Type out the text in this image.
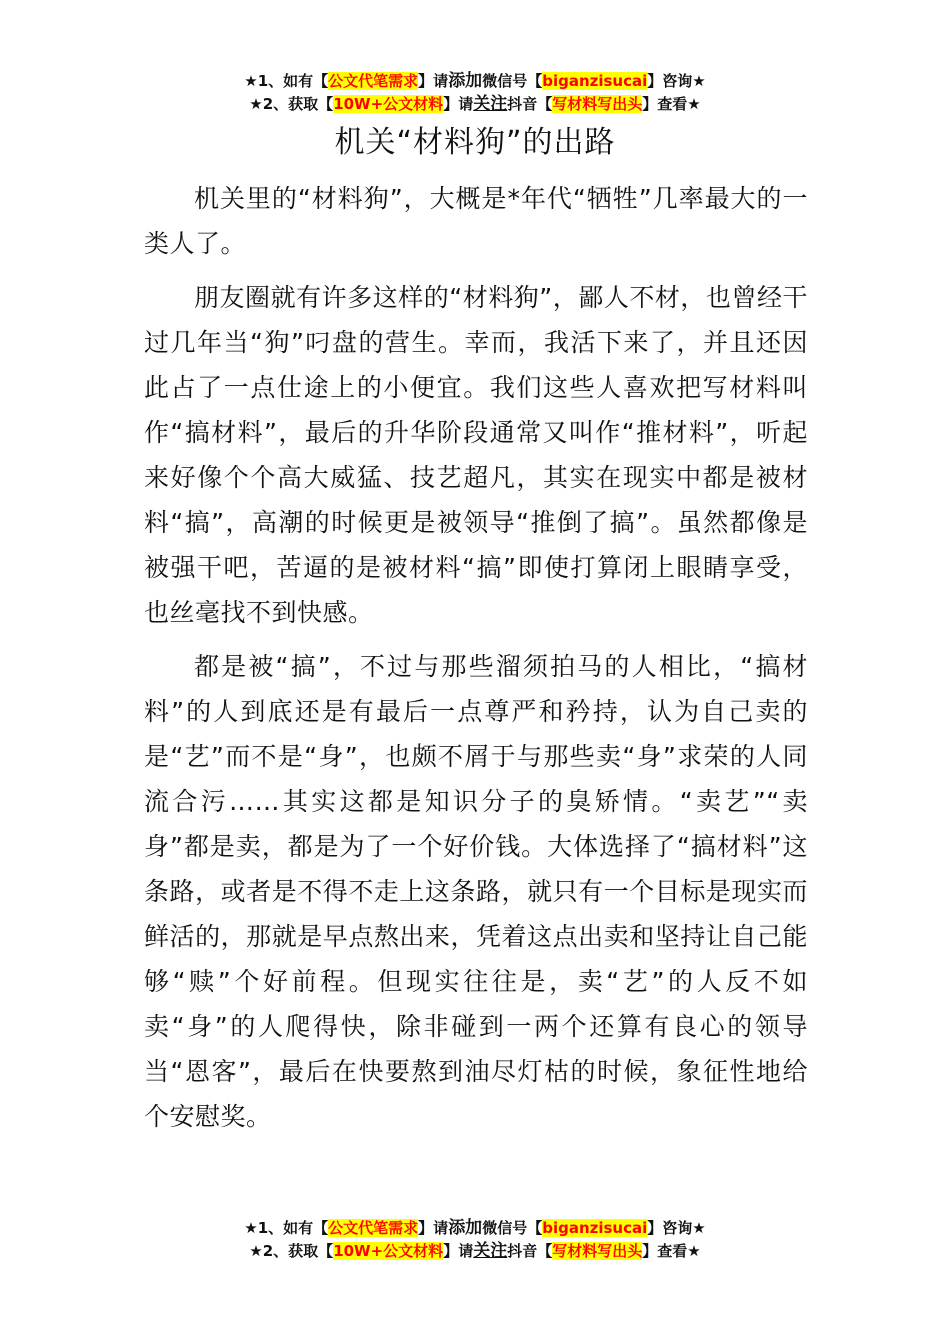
★1、如有【公文代笔需求】请添加微信号【biganzisucai】咨询★
★2、获取【10W+公文材料】请关注抖音【写材料写出头】查看★
机关“材料狗”的出路

机关里的“材料狗”，大概是*年代“牺牲”几率最大的一类人了。

朋友圈就有许多这样的“材料狗”，鄙人不材，也曾经干过几年当“狗”叼盘的营生。幸而，我活下来了，并且还因此占了一点仕途上的小便宜。我们这些人喜欢把写材料叫作“搞材料”，最后的升华阶段通常又叫作“推材料”，听起来好像个个高大威猛、技艺超凡，其实在现实中都是被材料“搞”，高潮的时候更是被领导“推倒了搞”。虽然都像是被强干吧，苦逼的是被材料“搞”即使打算闭上眼睛享受，也丝毫找不到快感。

都是被“搞”，不过与那些溜须拍马的人相比，“搞材料”的人到底还是有最后一点尊严和矜持，认为自己卖的是“艺”而不是“身”，也颇不屑于与那些卖“身”求荣的人同流合污……其实这都是知识分子的臭矫情。“卖艺”“卖身”都是卖，都是为了一个好价钱。大体选择了“搞材料”这条路，或者是不得不走上这条路，就只有一个目标是现实而鲜活的，那就是早点熬出来，凭着这点出卖和坚持让自己能够“赎”个好前程。但现实往往是，卖“艺”的人反不如卖“身”的人爬得快，除非碰到一两个还算有良心的领导当“恩客”，最后在快要熬到油尽灯枯的时候，象征性地给个安慰奖。

★1、如有【公文代笔需求】请添加微信号【biganzisucai】咨询★
★2、获取【10W+公文材料】请关注抖音【写材料写出头】查看★
